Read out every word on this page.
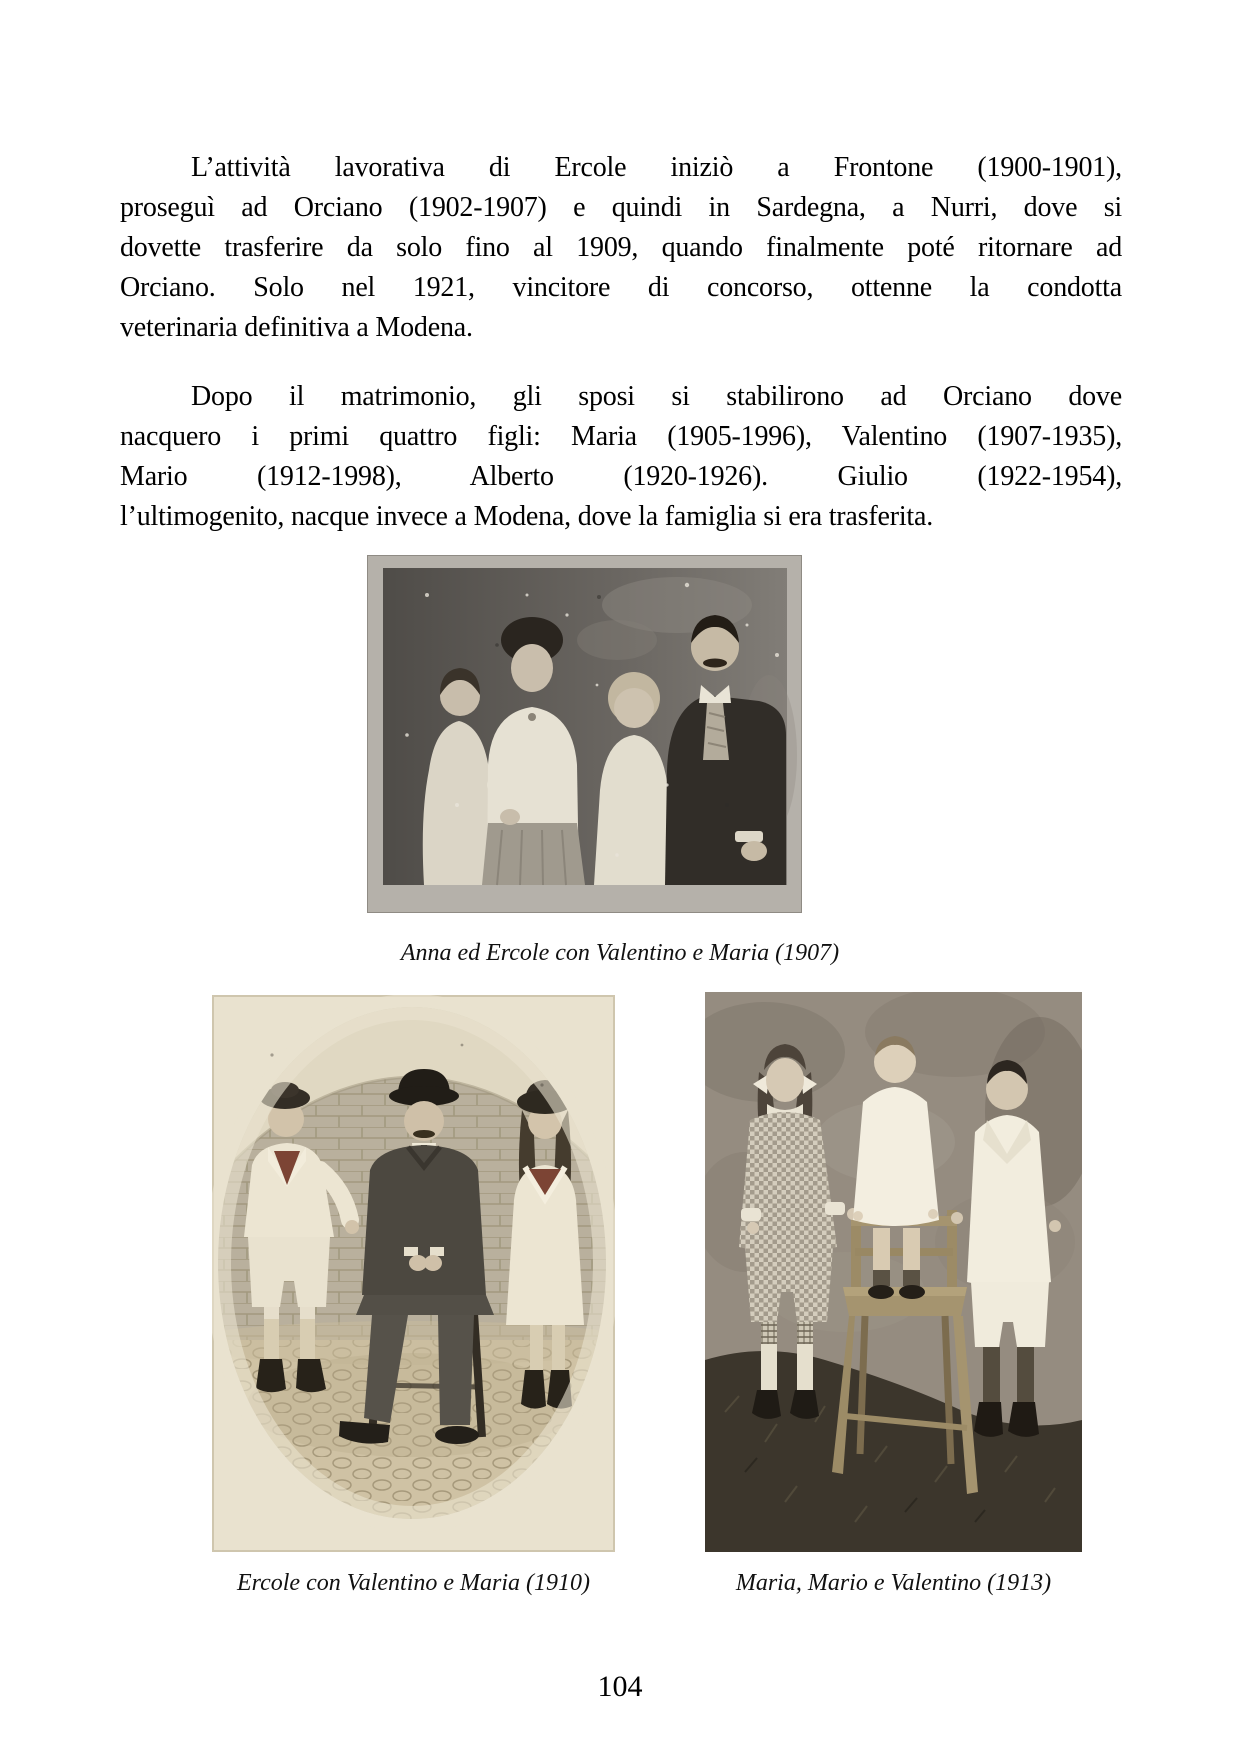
L’attività lavorativa di Ercole iniziò a Frontone (1900-1901),
proseguì ad Orciano (1902-1907) e quindi in Sardegna, a Nurri, dove si
dovette trasferire da solo fino al 1909, quando finalmente poté ritornare ad
Orciano. Solo nel 1921, vincitore di concorso, ottenne la condotta
veterinaria definitiva a Modena.
Dopo il matrimonio, gli sposi si stabilirono ad Orciano dove
nacquero i primi quattro figli: Maria (1905-1996), Valentino (1907-1935),
Mario (1912-1998), Alberto (1920-1926). Giulio (1922-1954),
l’ultimogenito, nacque invece a Modena, dove la famiglia si era trasferita.
Anna ed Ercole con Valentino e Maria (1907)
Ercole con Valentino e Maria (1910)	Maria, Mario e Valentino (1913)
104
